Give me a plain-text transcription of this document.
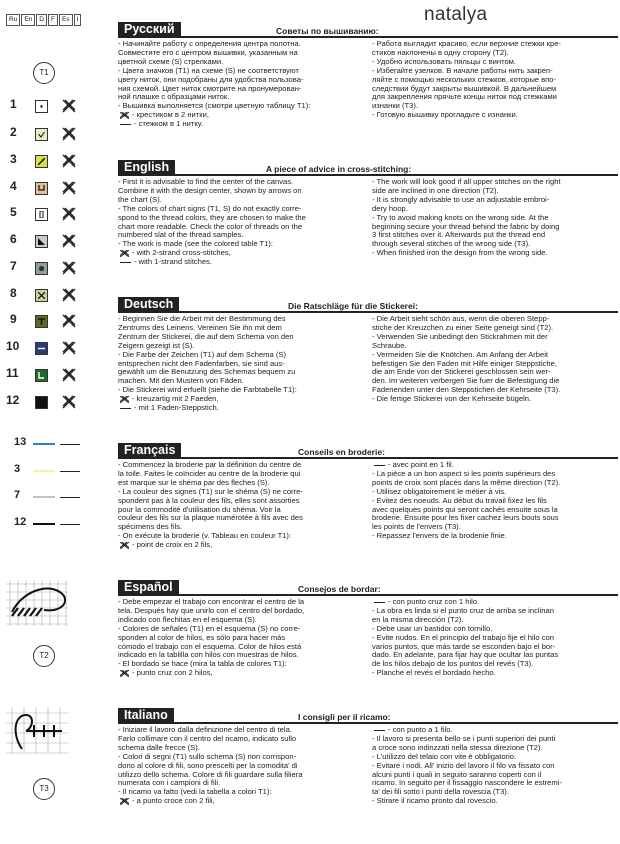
Ru	En	D	F	Es	I	natalya
T1
1
2
3
4
5
6
7
8
9
10
11
12
13
3
7
12
T2
T3
Русский	Советы по вышиванию:

- Начинайте работу с определения центра полотна.

Совместите его с центром вышивки, указанным на

цветной схеме (S) стрелками.

- Цвета значков (T1) на схеме (S) не соответствуют

цвету ниток, они подобраны для удобства пользова-

ния схемой. Цвет ниток смотрите на пронумерован-

ной плашке с образцами ниток.

- Вышивка выполняется (смотри цветную таблицу T1):

- крестиком в 2 нитки,

- стежком в 1 нитку.

- Работа выглядит красиво, если верхние стежки кре-

стиков наклонены в одну сторону (T2).

- Удобно использовать пяльцы с винтом.

- Избегайте узелков. В начале работы нить закреп-

ляйте с помощью нескольких стежков, которые впо-

следствии будут закрыты вышивкой. В дальнейшем

для закрепления прячьте концы ниток под стежками

изнанки (T3).

- Готовую вышивку прогладьте с изнанки.

English	A piece of advice in cross-stitching:

- First it is advisable to find the center of the canvas.

Combine it with the design center, shown by arrows on

the chart (S).

- The colors of chart signs (T1, S) do not exactly corre-

spond to the thread colors, they are chosen to make the

chart more readable. Check the color of threads on the

numbered slat of the thread samples.

- The work is made (see the colored table T1):

- with 2-strand cross-stitches,

- with 1-strand stitches.

- The work will look good if all upper stitches on the right

side are inclined in one direction (T2).

- It is strongly advisable to use an adjustable embroi-

dery hoop.

- Try to avoid making knots on the wrong side. At the

beginning secure your thread behind the fabric by doing

3 first stitches over it. Afterwards put the thread end

through several stitches of the wrong side (T3).

- When finished iron the design from the wrong side.

Deutsch	Die Ratschläge für die Stickerei:

- Beginnen Sie die Arbeit mit der Bestimmung des

Zentrums des Leinens. Vereinen Sie ihn mit dem

Zentrum der Stickerei, die auf dem Schema von den

Zeigern gezeigt ist (S).

- Die Farbe der Zeichen (T1) auf dem Schema (S)

entsprechen nicht den Fadenfarben, sie sind aus-

gewählt um die Benutzung des Schemas bequem zu

machen. Mit den Mustern von Fäden.

- Die Stickerei wird erfuellt (siehe die Farbtabelle T1):

- kreuzartig mit 2 Faeden,

- mit 1 Faden-Steppstich.

- Die Arbeit sieht schön aus, wenn die oberen Stepp-

stiche der Kreuzchen zu einer Seite geneigt sind (T2).

- Verwenden Sie unbedingt den Stickrahmen mit der

Schraube.

- Vermeiden Sie die Knötchen. Am Anfang der Arbeit

befestigen Sie den Faden mit Hilfe einiger Steppstiche,

die am Ende von der Stickerei geschlossen sein wer-

den. Im weiteren verbergen Sie fuer die Befestigung die

Fadenenden unter den Steppstichen der Kehrseite (T3).

- Die fertige Stickerei von der Kehrseite bügeln.

Français	Conseils en broderie:

- Commencez la broderie par la définition du centre de

la toile. Faites le coïncider au centre de la broderie qui

est marque sur le shéma par des fleches (S).

- La couleur des signes (T1) sur le shéma (S) ne corre-

spondent pas à la couleur des fils, elles sont assorties

pour la commodité d'utilisation du shéma. Voir la

couleur des fils sur la plaque numérotée à fils avec des

spécimens des fils.

- On exécute la broderie (v. Tableau en couleur T1):

- point de croix en 2 fils,

- avec point en 1 fil.

- La pièce a un bon aspect si les points supérieurs des

points de croix sont placés dans la même direction (T2).

- Utilisez obligatoirement le métier à vis.

- Evitez des noeuds. Au début du travail fixez les fils

avec quelques points qui seront cachés ensuite sous la

broderie. Ensuite pour les fixer cachez leurs bouts sous

les points de l'envers (T3).

- Repassez l'envers de la brodenie finie.

Español	Consejos de bordar:

- Debe empezar el trabajo con encontrar el centro de la

tela. Después hay que unirlo con el centro del bordado,

indicado con flechitas en el esquema (S).

- Colores de señales (T1) en el esquema (S) no corre-

sponden al color de hilos, es sólo para hacer más

cómodo el trabajo con el esquema. Color de hilos está

indicado en la tablilla con hilos con muestras de hilos.

- El bordado se hace (mira la tabla de colores T1):

- punto cruz con 2 hilos,

- con punto cruz con 1 hilo.

- La obra es linda si el punto cruz de arriba se inclinan

en la misma dirección (T2).

- Debe usar un bastidor con tornillo.

- Evite nudos. En el principio del trabajo fije el hilo con

varios puntos, que más tarde se esconden bajo el bor-

dado. En adelante, para fijar hay que ocultar las puntas

de los hilos debajo de los puntos del revés (T3).

- Planche el revés el bordado hecho.

Italiano	I consigli per il ricamo:

- Iniziare il lavoro dalla definizione del centro di tela.

Farlo collimare con il centro del ricamo, indicato sullo

schema dalle frecce (S).

- Colori di segni (T1) sullo schema (S) non corrispon-

dono al colore di fili, sono prescelti per la comodita' di

utilizzo dello schema. Colore di fili guardare sulla filiera

numerata con i campioni di fili.

- Il ricamo va fatto (vedi la tabella a colori T1):

- a punto croce con 2 fili,

- con punto a 1 filo.

- Il lavoro si presenta bello se i punti superiori dei punti

a croce sono indinzzati nella stessa direzione (T2).

- L'utilizzo del telaio con vite è obbligatorio.

- Evitare i nodi. All' inizio del lavoro il filo va fissato con

alcuni punti i quali in seguito saranno coperti con il

ricamo. In seguito per il fissaggio nascondere le estremi-

ta' dei fili sotto i punti della rovescia (T3).

- Stirare il ricamo pronto dal rovescio.
